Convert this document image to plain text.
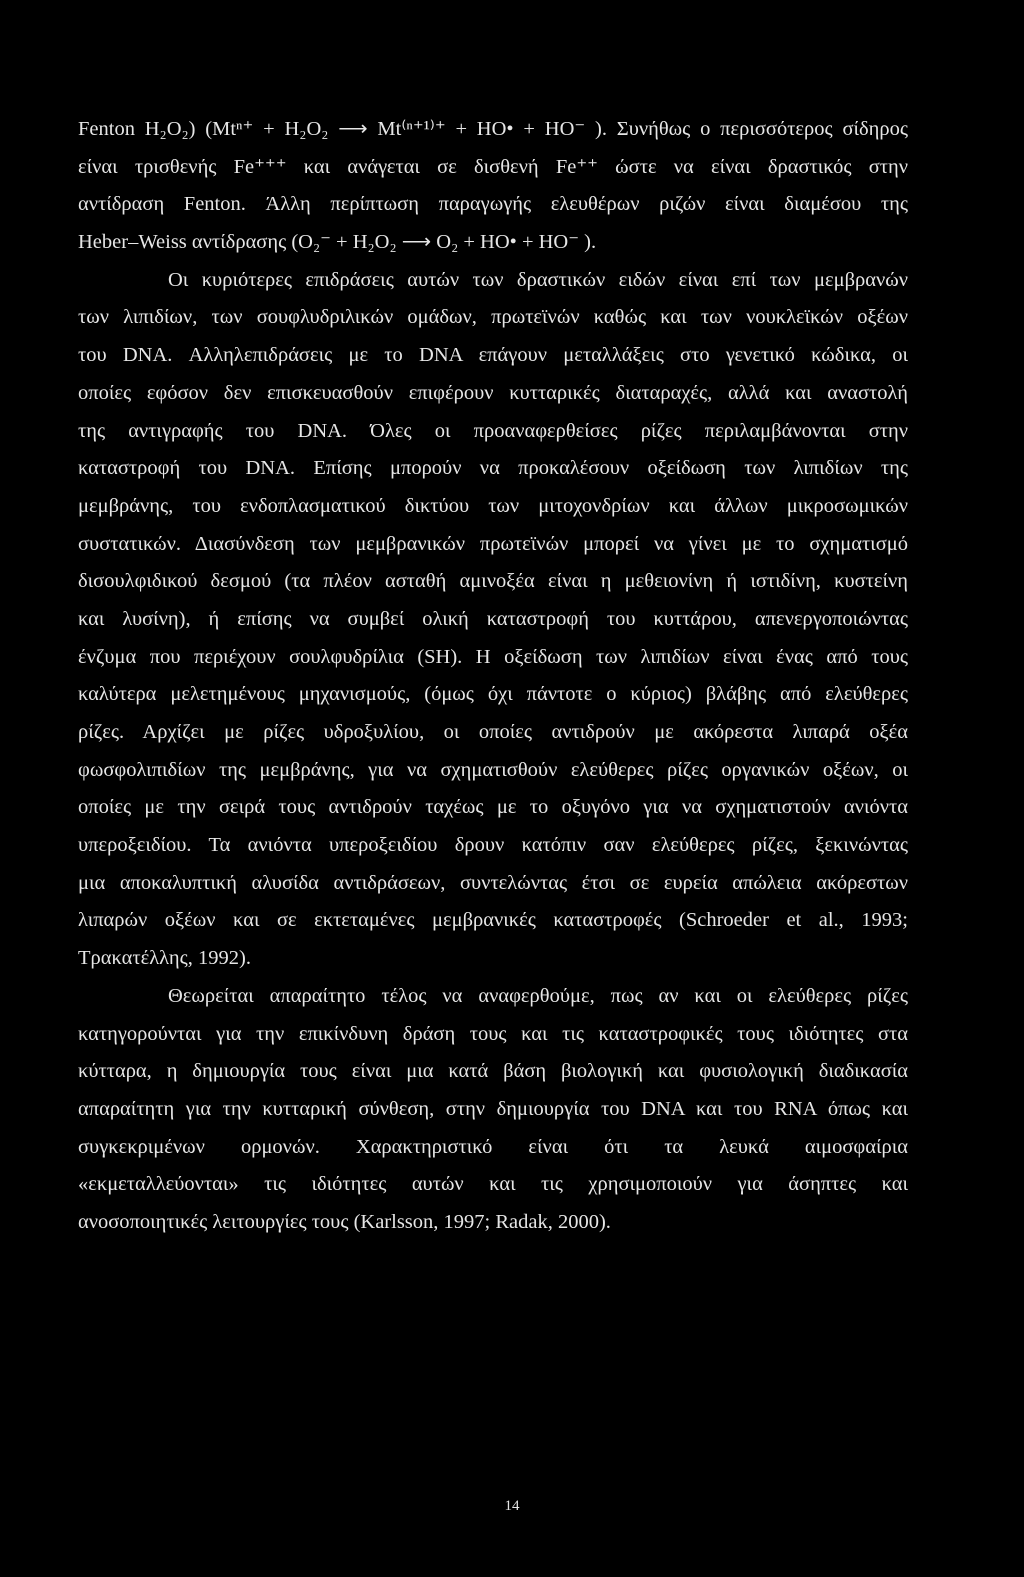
Fenton H₂O₂) (Mtⁿ⁺ + H₂O₂ ⟶ Mt⁽ⁿ⁺¹⁾⁺ + HO• + HO⁻ ). Συνήθως ο περισσότερος σίδηρος
είναι τρισθενής Fe⁺⁺⁺ και ανάγεται σε δισθενή Fe⁺⁺ ώστε να είναι δραστικός στην
αντίδραση Fenton. Άλλη περίπτωση παραγωγής ελευθέρων ριζών είναι διαμέσου της
Heber–Weiss αντίδρασης (O₂⁻ + H₂O₂ ⟶ O₂ + HO• + HO⁻ ).
Οι κυριότερες επιδράσεις αυτών των δραστικών ειδών είναι επί των μεμβρανών
των λιπιδίων, των σουφλυδριλικών ομάδων, πρωτεϊνών καθώς και των νουκλεϊκών οξέων
του DNA. Αλληλεπιδράσεις με το DNA επάγουν μεταλλάξεις στο γενετικό κώδικα, οι
οποίες εφόσον δεν επισκευασθούν επιφέρουν κυτταρικές διαταραχές, αλλά και αναστολή
της αντιγραφής του DNA. Όλες οι προαναφερθείσες ρίζες περιλαμβάνονται στην
καταστροφή του DNA. Επίσης μπορούν να προκαλέσουν οξείδωση των λιπιδίων της
μεμβράνης, του ενδοπλασματικού δικτύου των μιτοχονδρίων και άλλων μικροσωμικών
συστατικών. Διασύνδεση των μεμβρανικών πρωτεϊνών μπορεί να γίνει με το σχηματισμό
δισουλφιδικού δεσμού (τα πλέον ασταθή αμινοξέα είναι η μεθειονίνη ή ιστιδίνη, κυστείνη
και λυσίνη), ή επίσης να συμβεί ολική καταστροφή του κυττάρου, απενεργοποιώντας
ένζυμα που περιέχουν σουλφυδρίλια (SH). Η οξείδωση των λιπιδίων είναι ένας από τους
καλύτερα μελετημένους μηχανισμούς, (όμως όχι πάντοτε ο κύριος) βλάβης από ελεύθερες
ρίζες. Αρχίζει με ρίζες υδροξυλίου, οι οποίες αντιδρούν με ακόρεστα λιπαρά οξέα
φωσφολιπιδίων της μεμβράνης, για να σχηματισθούν ελεύθερες ρίζες οργανικών οξέων, οι
οποίες με την σειρά τους αντιδρούν ταχέως με το οξυγόνο για να σχηματιστούν ανιόντα
υπεροξειδίου. Τα ανιόντα υπεροξειδίου δρουν κατόπιν σαν ελεύθερες ρίζες, ξεκινώντας
μια αποκαλυπτική αλυσίδα αντιδράσεων, συντελώντας έτσι σε ευρεία απώλεια ακόρεστων
λιπαρών οξέων και σε εκτεταμένες μεμβρανικές καταστροφές (Schroeder et al., 1993;
Τρακατέλλης, 1992).
Θεωρείται απαραίτητο τέλος να αναφερθούμε, πως αν και οι ελεύθερες ρίζες
κατηγορούνται για την επικίνδυνη δράση τους και τις καταστροφικές τους ιδιότητες στα
κύτταρα, η δημιουργία τους είναι μια κατά βάση βιολογική και φυσιολογική διαδικασία
απαραίτητη για την κυτταρική σύνθεση, στην δημιουργία του DNA και του RNA όπως και
συγκεκριμένων ορμονών. Χαρακτηριστικό είναι ότι τα λευκά αιμοσφαίρια
«εκμεταλλεύονται» τις ιδιότητες αυτών και τις χρησιμοποιούν για άσηπτες και
ανοσοποιητικές λειτουργίες τους (Karlsson, 1997; Radak, 2000).
14
